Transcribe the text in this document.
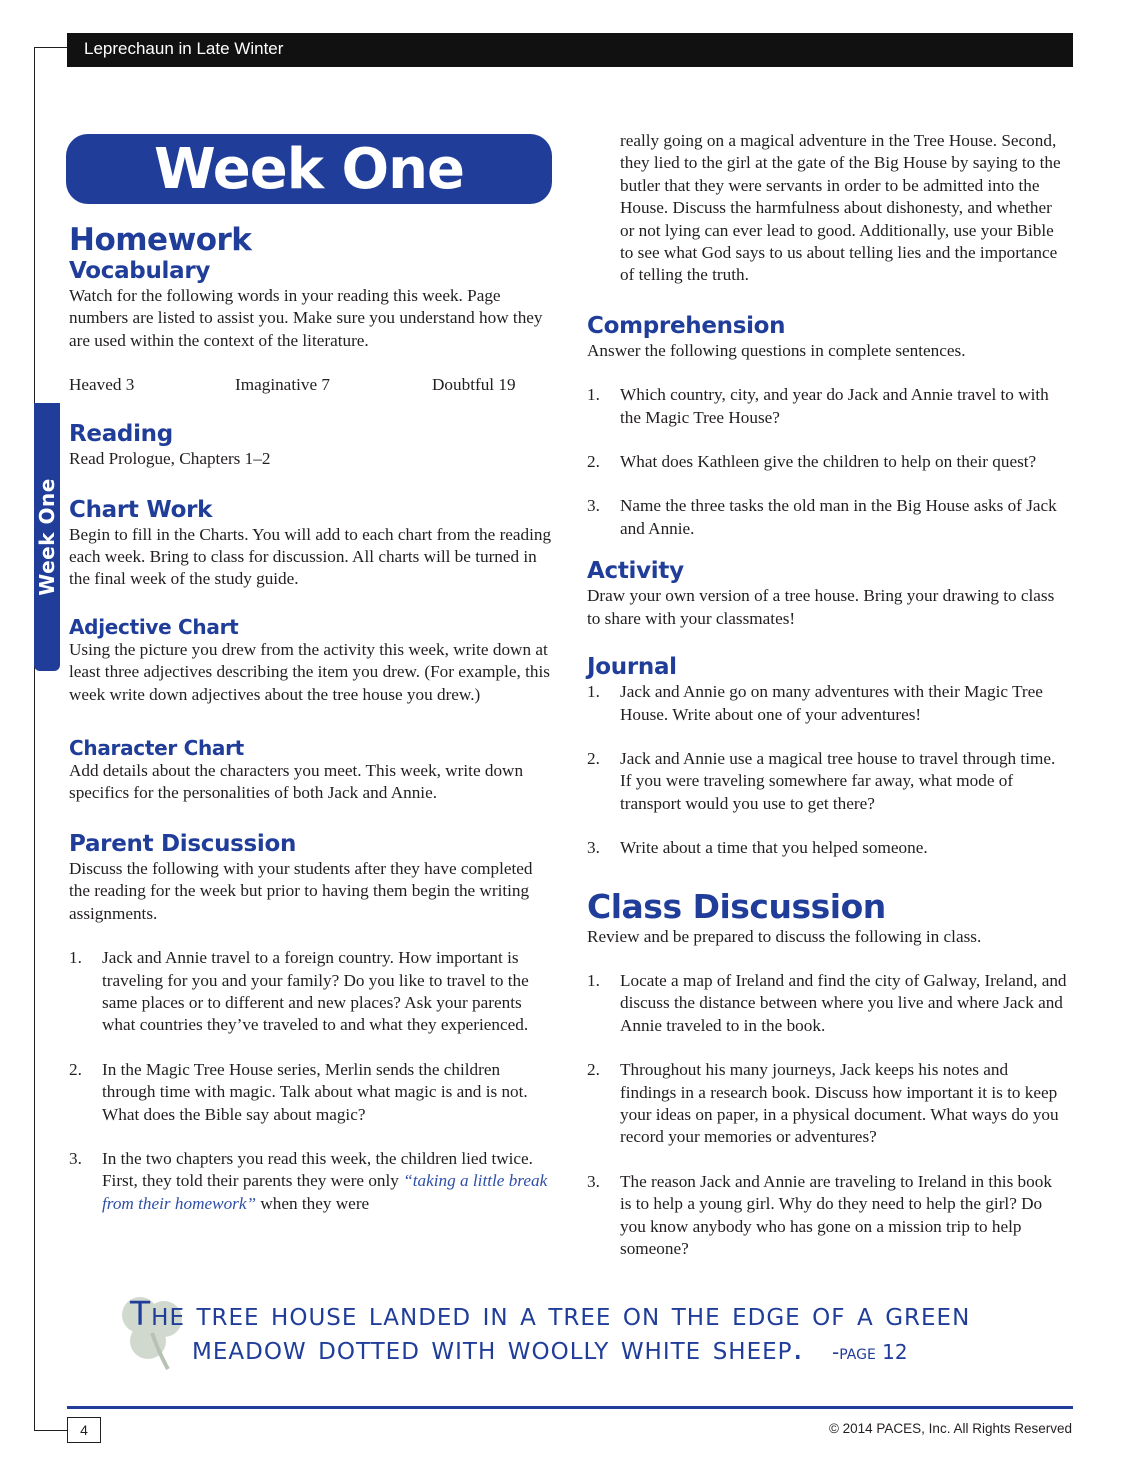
Leprechaun in Late Winter
Week One
Week One
Homework
Vocabulary
Watch for the following words in your reading this week. Page numbers are listed to assist you. Make sure you understand how they are used within the context of the literature.
Heaved 3	Imaginative 7	Doubtful 19
Reading
Read Prologue, Chapters 1–2
Chart Work
Begin to fill in the Charts. You will add to each chart from the reading each week. Bring to class for discussion. All charts will be turned in the final week of the study guide.
Adjective Chart
Using the picture you drew from the activity this week, write down at least three adjectives describing the item you drew. (For example, this week write down adjectives about the tree house you drew.)
Character Chart
Add details about the characters you meet. This week, write down specifics for the personalities of both Jack and Annie.
Parent Discussion
Discuss the following with your students after they have completed the reading for the week but prior to having them begin the writing assignments.
1. Jack and Annie travel to a foreign country. How important is traveling for you and your family? Do you like to travel to the same places or to different and new places? Ask your parents what countries they’ve traveled to and what they experienced.
2. In the Magic Tree House series, Merlin sends the children through time with magic. Talk about what magic is and is not. What does the Bible say about magic?
3. In the two chapters you read this week, the children lied twice. First, they told their parents they were only “taking a little break from their homework” when they were
really going on a magical adventure in the Tree House. Second, they lied to the girl at the gate of the Big House by saying to the butler that they were servants in order to be admitted into the House. Discuss the harmfulness about dishonesty, and whether or not lying can ever lead to good. Additionally, use your Bible to see what God says to us about telling lies and the importance of telling the truth.
Comprehension
Answer the following questions in complete sentences.
1. Which country, city, and year do Jack and Annie travel to with the Magic Tree House?
2. What does Kathleen give the children to help on their quest?
3. Name the three tasks the old man in the Big House asks of Jack and Annie.
Activity
Draw your own version of a tree house. Bring your drawing to class to share with your classmates!
Journal
1. Jack and Annie go on many adventures with their Magic Tree House. Write about one of your adventures!
2. Jack and Annie use a magical tree house to travel through time. If you were traveling somewhere far away, what mode of transport would you use to get there?
3. Write about a time that you helped someone.
Class Discussion
Review and be prepared to discuss the following in class.
1. Locate a map of Ireland and find the city of Galway, Ireland, and discuss the distance between where you live and where Jack and Annie traveled to in the book.
2. Throughout his many journeys, Jack keeps his notes and findings in a research book. Discuss how important it is to keep your ideas on paper, in a physical document. What ways do you record your memories or adventures?
3. The reason Jack and Annie are traveling to Ireland in this book is to help a young girl. Why do they need to help the girl? Do you know anybody who has gone on a mission trip to help someone?
The tree house landed in a tree on the edge of a green
meadow dotted with woolly white sheep. -page 12
4	© 2014 PACES, Inc. All Rights Reserved
